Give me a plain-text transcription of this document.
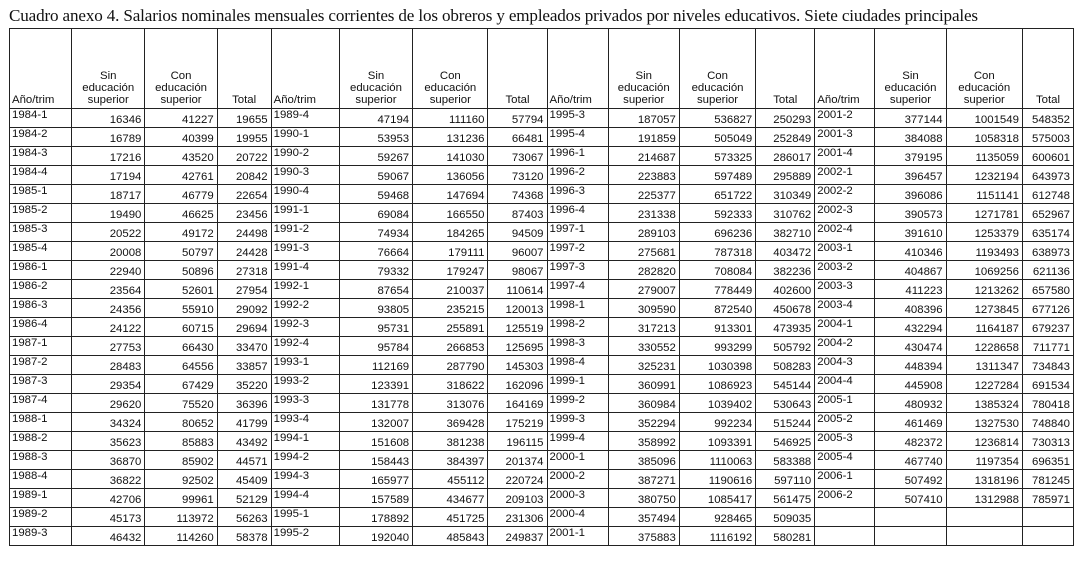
Cuadro anexo 4. Salarios nominales mensuales corrientes de los obreros y empleados privados por niveles educativos. Siete ciudades principales
Año/trim	Sin educación superior	Con educación superior	Total	Año/trim	Sin educación superior	Con educación superior	Total	Año/trim	Sin educación superior	Con educación superior	Total	Año/trim	Sin educación superior	Con educación superior	Total
1984-1	16346	41227	19655	1989-4	47194	111160	57794	1995-3	187057	536827	250293	2001-2	377144	1001549	548352
1984-2	16789	40399	19955	1990-1	53953	131236	66481	1995-4	191859	505049	252849	2001-3	384088	1058318	575003
1984-3	17216	43520	20722	1990-2	59267	141030	73067	1996-1	214687	573325	286017	2001-4	379195	1135059	600601
1984-4	17194	42761	20842	1990-3	59067	136056	73120	1996-2	223883	597489	295889	2002-1	396457	1232194	643973
1985-1	18717	46779	22654	1990-4	59468	147694	74368	1996-3	225377	651722	310349	2002-2	396086	1151141	612748
1985-2	19490	46625	23456	1991-1	69084	166550	87403	1996-4	231338	592333	310762	2002-3	390573	1271781	652967
1985-3	20522	49172	24498	1991-2	74934	184265	94509	1997-1	289103	696236	382710	2002-4	391610	1253379	635174
1985-4	20008	50797	24428	1991-3	76664	179111	96007	1997-2	275681	787318	403472	2003-1	410346	1193493	638973
1986-1	22940	50896	27318	1991-4	79332	179247	98067	1997-3	282820	708084	382236	2003-2	404867	1069256	621136
1986-2	23564	52601	27954	1992-1	87654	210037	110614	1997-4	279007	778449	402600	2003-3	411223	1213262	657580
1986-3	24356	55910	29092	1992-2	93805	235215	120013	1998-1	309590	872540	450678	2003-4	408396	1273845	677126
1986-4	24122	60715	29694	1992-3	95731	255891	125519	1998-2	317213	913301	473935	2004-1	432294	1164187	679237
1987-1	27753	66430	33470	1992-4	95784	266853	125695	1998-3	330552	993299	505792	2004-2	430474	1228658	711771
1987-2	28483	64556	33857	1993-1	112169	287790	145303	1998-4	325231	1030398	508283	2004-3	448394	1311347	734843
1987-3	29354	67429	35220	1993-2	123391	318622	162096	1999-1	360991	1086923	545144	2004-4	445908	1227284	691534
1987-4	29620	75520	36396	1993-3	131778	313076	164169	1999-2	360984	1039402	530643	2005-1	480932	1385324	780418
1988-1	34324	80652	41799	1993-4	132007	369428	175219	1999-3	352294	992234	515244	2005-2	461469	1327530	748840
1988-2	35623	85883	43492	1994-1	151608	381238	196115	1999-4	358992	1093391	546925	2005-3	482372	1236814	730313
1988-3	36870	85902	44571	1994-2	158443	384397	201374	2000-1	385096	1110063	583388	2005-4	467740	1197354	696351
1988-4	36822	92502	45409	1994-3	165977	455112	220724	2000-2	387271	1190616	597110	2006-1	507492	1318196	781245
1989-1	42706	99961	52129	1994-4	157589	434677	209103	2000-3	380750	1085417	561475	2006-2	507410	1312988	785971
1989-2	45173	113972	56263	1995-1	178892	451725	231306	2000-4	357494	928465	509035				
1989-3	46432	114260	58378	1995-2	192040	485843	249837	2001-1	375883	1116192	580281				
